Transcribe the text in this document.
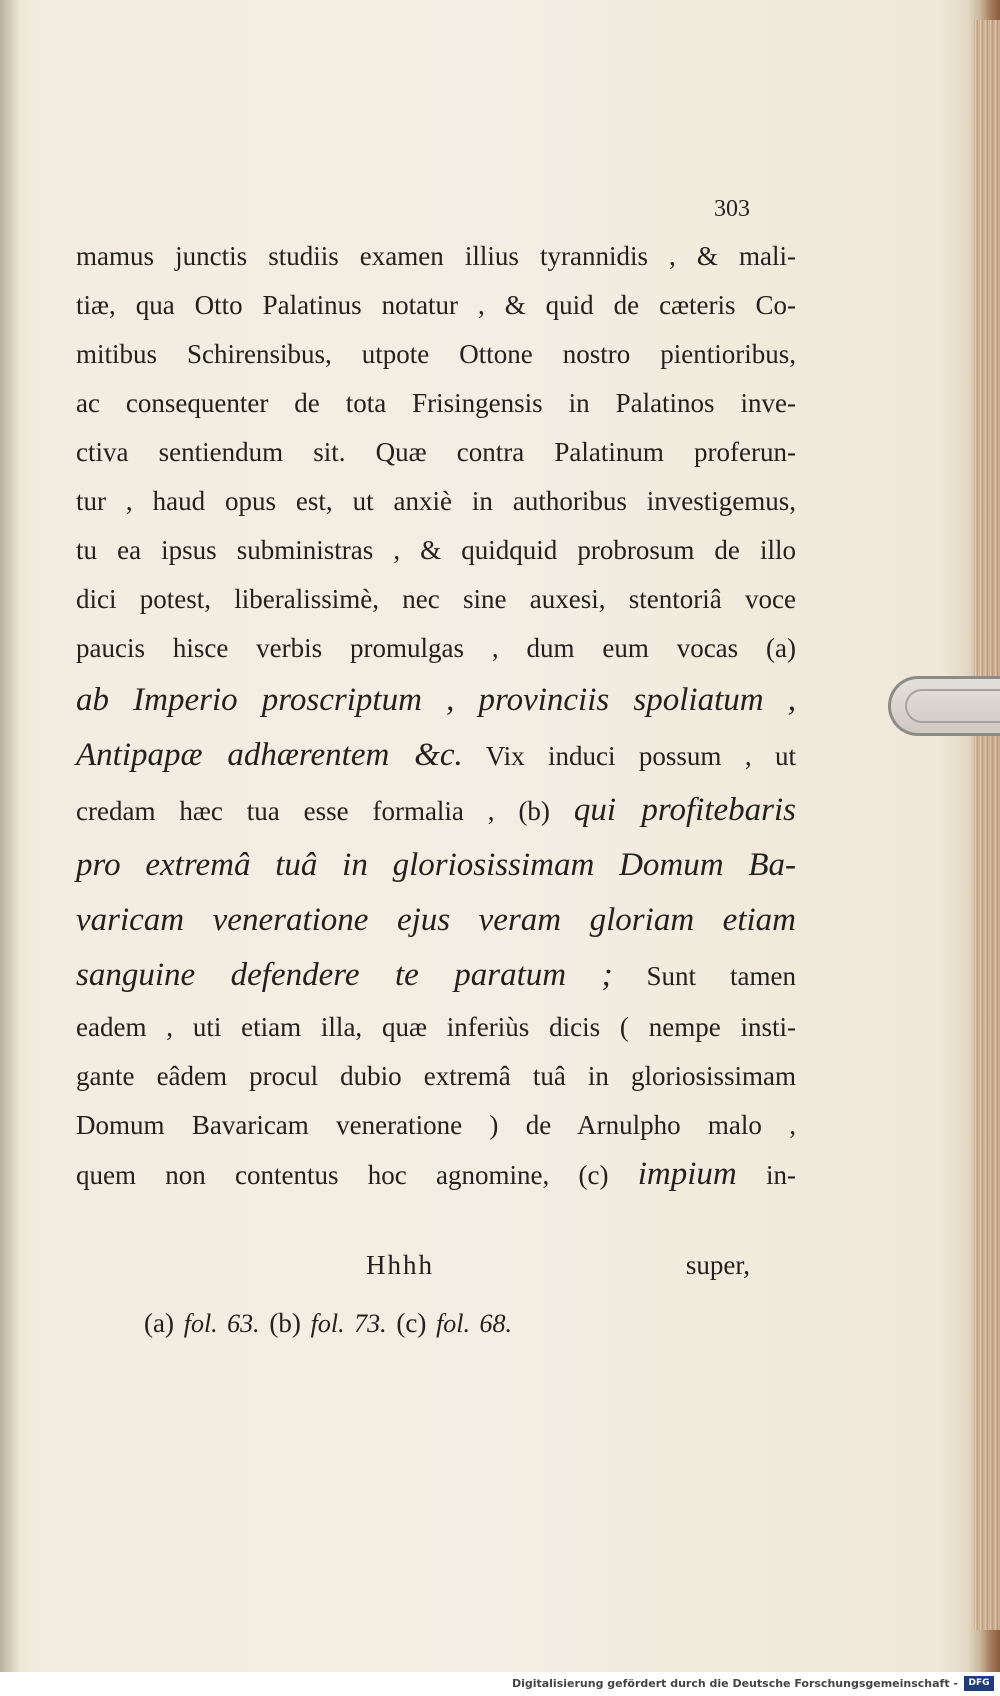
303
mamus junctis studiis examen illius tyrannidis , & mali-
tiæ, qua Otto Palatinus notatur , & quid de cæteris Co-
mitibus Schirensibus, utpote Ottone nostro pientioribus,
ac consequenter de tota Frisingensis in Palatinos inve-
ctiva sentiendum sit. Quæ contra Palatinum proferun-
tur , haud opus est, ut anxiè in authoribus investigemus,
tu ea ipsus subministras , & quidquid probrosum de illo
dici potest, liberalissimè, nec sine auxesi, stentoriâ voce
paucis hisce verbis promulgas , dum eum vocas (a)
ab Imperio proscriptum , provinciis spoliatum ,
Antipapæ adhærentem &c. Vix induci possum , ut
credam hæc tua esse formalia , (b) qui profitebaris
pro extremâ tuâ in gloriosissimam Domum Ba-
varicam veneratione ejus veram gloriam etiam
sanguine defendere te paratum ; Sunt tamen
eadem , uti etiam illa, quæ inferiùs dicis ( nempe insti-
gante eâdem procul dubio extremâ tuâ in gloriosissimam
Domum Bavaricam veneratione ) de Arnulpho malo ,
quem non contentus hoc agnomine, (c) impium in-
Hhhh	super,
(a) fol. 63. (b) fol. 73. (c) fol. 68.
Digitalisierung gefördert durch die Deutsche Forschungsgemeinschaft -	DFG
